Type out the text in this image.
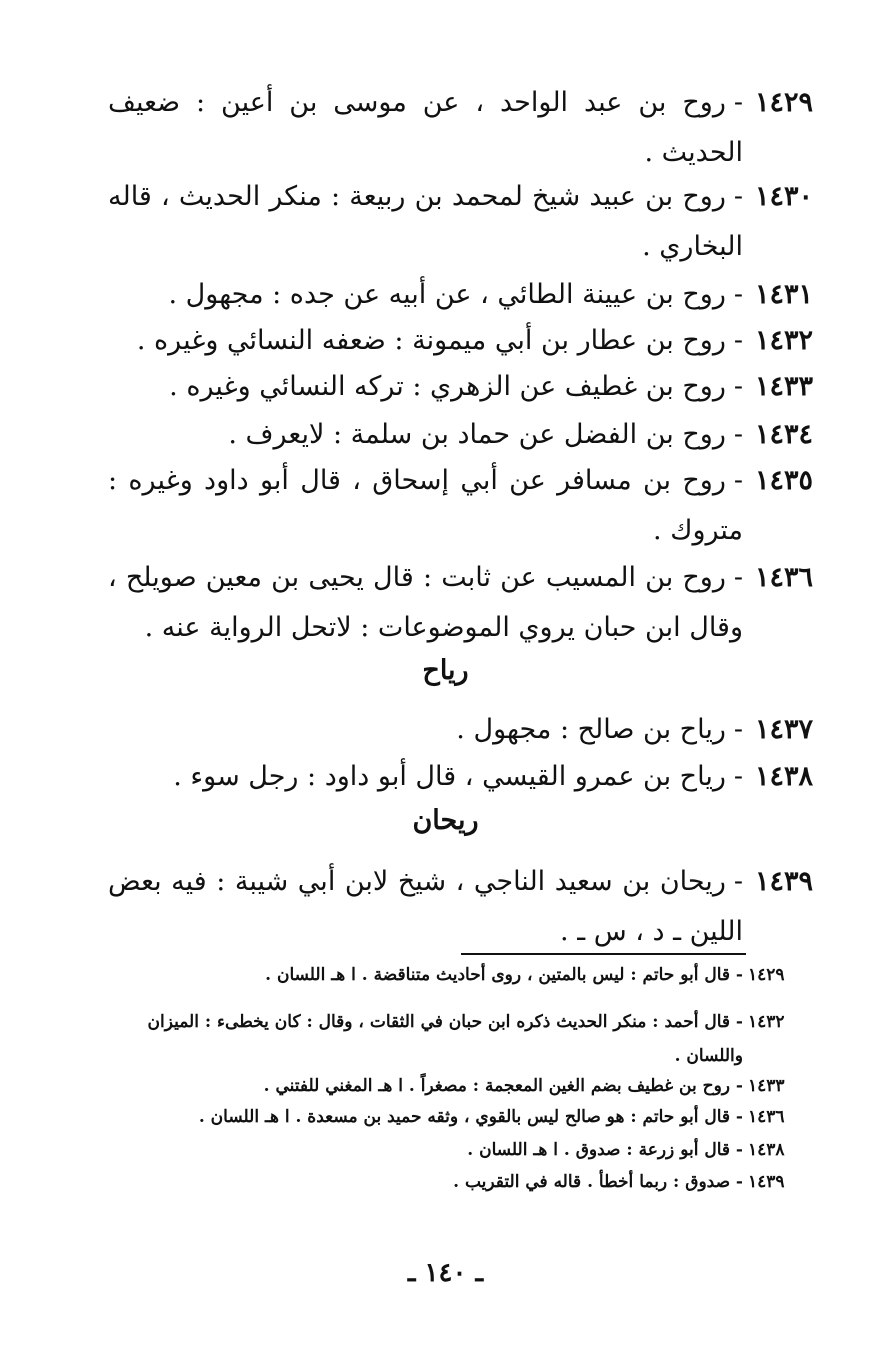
١٤٢٩
-روح بن عبد الواحد ، عن موسى بن أعين : ضعيف الحديث .
١٤٣٠
-روح بن عبيد شيخ لمحمد بن ربيعة : منكر الحديث ، قاله البخاري .
١٤٣١
-روح بن عيينة الطائي ، عن أبيه عن جده : مجهول .
١٤٣٢
-روح بن عطار بن أبي ميمونة : ضعفه النسائي وغيره .
١٤٣٣
-روح بن غطيف عن الزهري : تركه النسائي وغيره .
١٤٣٤
-روح بن الفضل عن حماد بن سلمة : لايعرف .
١٤٣٥
-روح بن مسافر عن أبي إسحاق ، قال أبو داود وغيره : متروك .
١٤٣٦
-روح بن المسيب عن ثابت : قال يحيى بن معين صويلح ، وقال ابن حبان يروي الموضوعات : لاتحل الرواية عنه .
رياح
١٤٣٧
-رياح بن صالح : مجهول .
١٤٣٨
-رياح بن عمرو القيسي ، قال أبو داود : رجل سوء .
ريحان
١٤٣٩
-ريحان بن سعيد الناجي ، شيخ لابن أبي شيبة : فيه بعض اللين ـ د ، س ـ .
١٤٢٩
- قال أبو حاتم : ليس بالمتين ، روى أحاديث متناقضة . ا هـ اللسان .
١٤٣٢
- قال أحمد : منكر الحديث ذكره ابن حبان في الثقات ، وقال : كان يخطىء : الميزان واللسان .
١٤٣٣
- روح بن غطيف بضم الغين المعجمة : مصغراً . ا هـ المغني للفتني .
١٤٣٦
- قال أبو حاتم : هو صالح ليس بالقوي ، وثقه حميد بن مسعدة . ا هـ اللسان .
١٤٣٨
- قال أبو زرعة : صدوق . ا هـ اللسان .
١٤٣٩
- صدوق : ربما أخطأ . قاله في التقريب .
ـ ١٤٠ ـ
